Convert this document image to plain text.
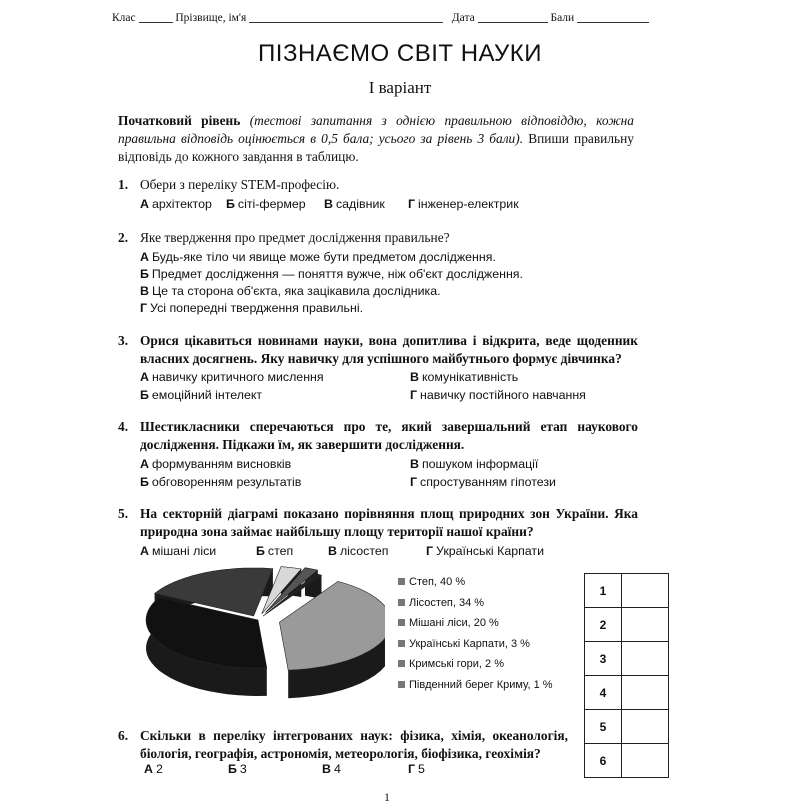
Клас	Прізвище, ім'я	Дата	Бали
ПІЗНАЄМО СВІТ НАУКИ
І варіант
Початковий рівень (тестові запитання з однією правильною відповіддю, кожна правильна відповідь оцінюється в 0,5 бала; усього за рівень 3 бали). Впиши правильну відповідь до кожного завдання в таблицю.
1. Обери з переліку STEM-професію.
А архітектор Б сіті-фермер В садівник Г інженер-електрик
2. Яке твердження про предмет дослідження правильне?
А Будь-яке тіло чи явище може бути предметом дослідження.
Б Предмет дослідження — поняття вужче, ніж об'єкт дослідження.
В Це та сторона об'єкта, яка зацікавила дослідника.
Г Усі попередні твердження правильні.
3. Орися цікавиться новинами науки, вона допитлива і відкрита, веде щоденник власних досягнень. Яку навичку для успішного майбутнього формує дівчинка?
А навичку критичного мислення	В комунікативність
Б емоційний інтелект	Г навичку постійного навчання
4. Шестикласники сперечаються про те, який завершальний етап наукового дослідження. Підкажи їм, як завершити дослідження.
А формуванням висновків	В пошуком інформації
Б обговоренням результатів	Г спростуванням гіпотези
5. На секторній діаграмі показано порівняння площ природних зон України. Яка природна зона займає найбільшу площу території нашої країни?
А мішані ліси	Б степ	В лісостеп	Г Українські Карпати
Степ, 40 %
Лісостеп, 34 %
Мішані ліси, 20 %
Українські Карпати, 3 %
Кримські гори, 2 %
Південний берег Криму, 1 %
1	
2	
3	
4	
5	
6	
6. Скільки в переліку інтегрованих наук: фізика, хімія, океанологія, біологія, географія, астрономія, метеорологія, біофізика, геохімія?
А 2	Б 3	В 4	Г 5
1
